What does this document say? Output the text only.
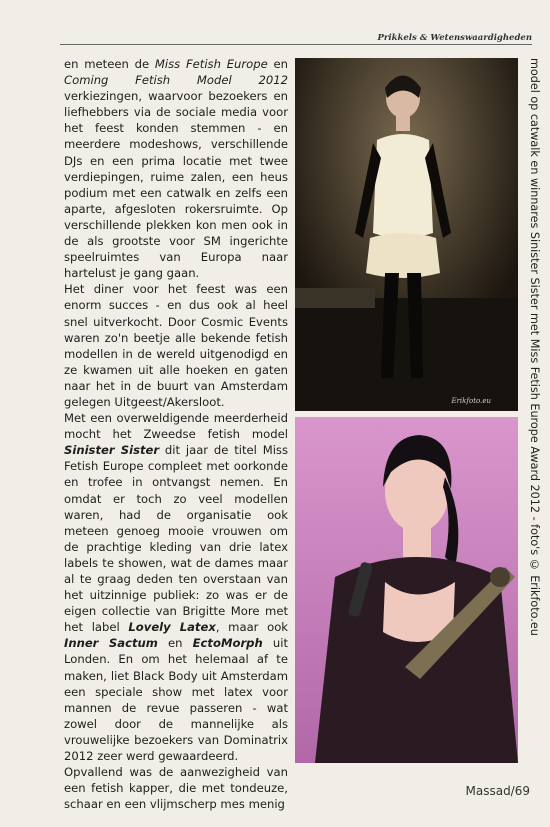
Prikkels & Wetenswaardigheden

en meteen de Miss Fetish Europe en Coming Fetish Model 2012 verkiezingen, waarvoor bezoekers en liefhebbers via de sociale media voor het feest konden stemmen - en meerdere modeshows, verschillende DJs en een prima locatie met twee verdiepingen, ruime zalen, een heus podium met een catwalk en zelfs een aparte, afgesloten rokersruimte. Op verschillende plekken kon men ook in de als grootste voor SM ingerichte speelruimtes van Europa naar hartelust je gang gaan.

Het diner voor het feest was een enorm succes - en dus ook al heel snel uitverkocht. Door Cosmic Events waren zo'n beetje alle bekende fetish modellen in de wereld uitgenodigd en ze kwamen uit alle hoeken en gaten naar het in de buurt van Amsterdam gelegen Uitgeest/Akersloot.

Met een overweldigende meerderheid mocht het Zweedse fetish model Sinister Sister dit jaar de titel Miss Fetish Europe compleet met oorkonde en trofee in ontvangst nemen. En omdat er toch zo veel modellen waren, had de organisatie ook meteen genoeg mooie vrouwen om de prachtige kleding van drie latex labels te showen, wat de dames maar al te graag deden ten overstaan van het uitzinnige publiek: zo was er de eigen collectie van Brigitte More met het label Lovely Latex, maar ook Inner Sactum en EctoMorph uit Londen. En om het helemaal af te maken, liet Black Body uit Amsterdam een speciale show met latex voor mannen de revue passeren - wat zowel door de mannelijke als vrouwelijke bezoekers van Dominatrix 2012 zeer werd gewaardeerd.

Opvallend was de aanwezigheid van een fetish kapper, die met tondeuze, schaar en een vlijmscherp mes menig

Erikfoto.eu	model op catwalk en winnares Sinister Sister met Miss Fetish Europe Award 2012 - foto's © Erikfoto.eu
Massad/69
